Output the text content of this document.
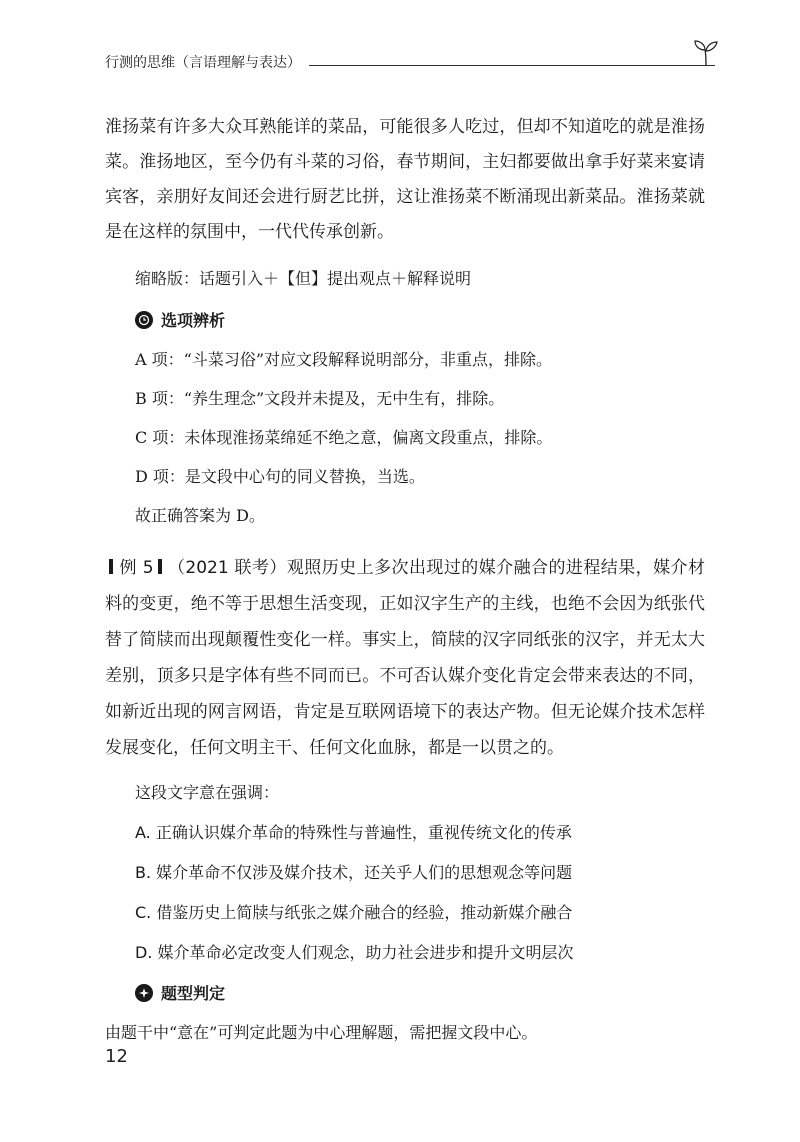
行测的思维（言语理解与表达）

淮扬菜有许多大众耳熟能详的菜品，可能很多人吃过，但却不知道吃的就是淮扬菜。淮扬地区，至今仍有斗菜的习俗，春节期间，主妇都要做出拿手好菜来宴请宾客，亲朋好友间还会进行厨艺比拼，这让淮扬菜不断涌现出新菜品。淮扬菜就是在这样的氛围中，一代代传承创新。

缩略版：话题引入＋【但】提出观点＋解释说明

选项辨析

A 项：“斗菜习俗”对应文段解释说明部分，非重点，排除。

B 项：“养生理念”文段并未提及，无中生有，排除。

C 项：未体现淮扬菜绵延不绝之意，偏离文段重点，排除。

D 项：是文段中心句的同义替换，当选。

故正确答案为 D。

例 5 （2021 联考）观照历史上多次出现过的媒介融合的进程结果，媒介材料的变更，绝不等于思想生活变现，正如汉字生产的主线，也绝不会因为纸张代替了简牍而出现颠覆性变化一样。事实上，简牍的汉字同纸张的汉字，并无太大差别，顶多只是字体有些不同而已。不可否认媒介变化肯定会带来表达的不同，如新近出现的网言网语，肯定是互联网语境下的表达产物。但无论媒介技术怎样发展变化，任何文明主干、任何文化血脉，都是一以贯之的。

这段文字意在强调：

A. 正确认识媒介革命的特殊性与普遍性，重视传统文化的传承

B. 媒介革命不仅涉及媒介技术，还关乎人们的思想观念等问题

C. 借鉴历史上简牍与纸张之媒介融合的经验，推动新媒介融合

D. 媒介革命必定改变人们观念，助力社会进步和提升文明层次

题型判定

由题干中“意在”可判定此题为中心理解题，需把握文段中心。

12
